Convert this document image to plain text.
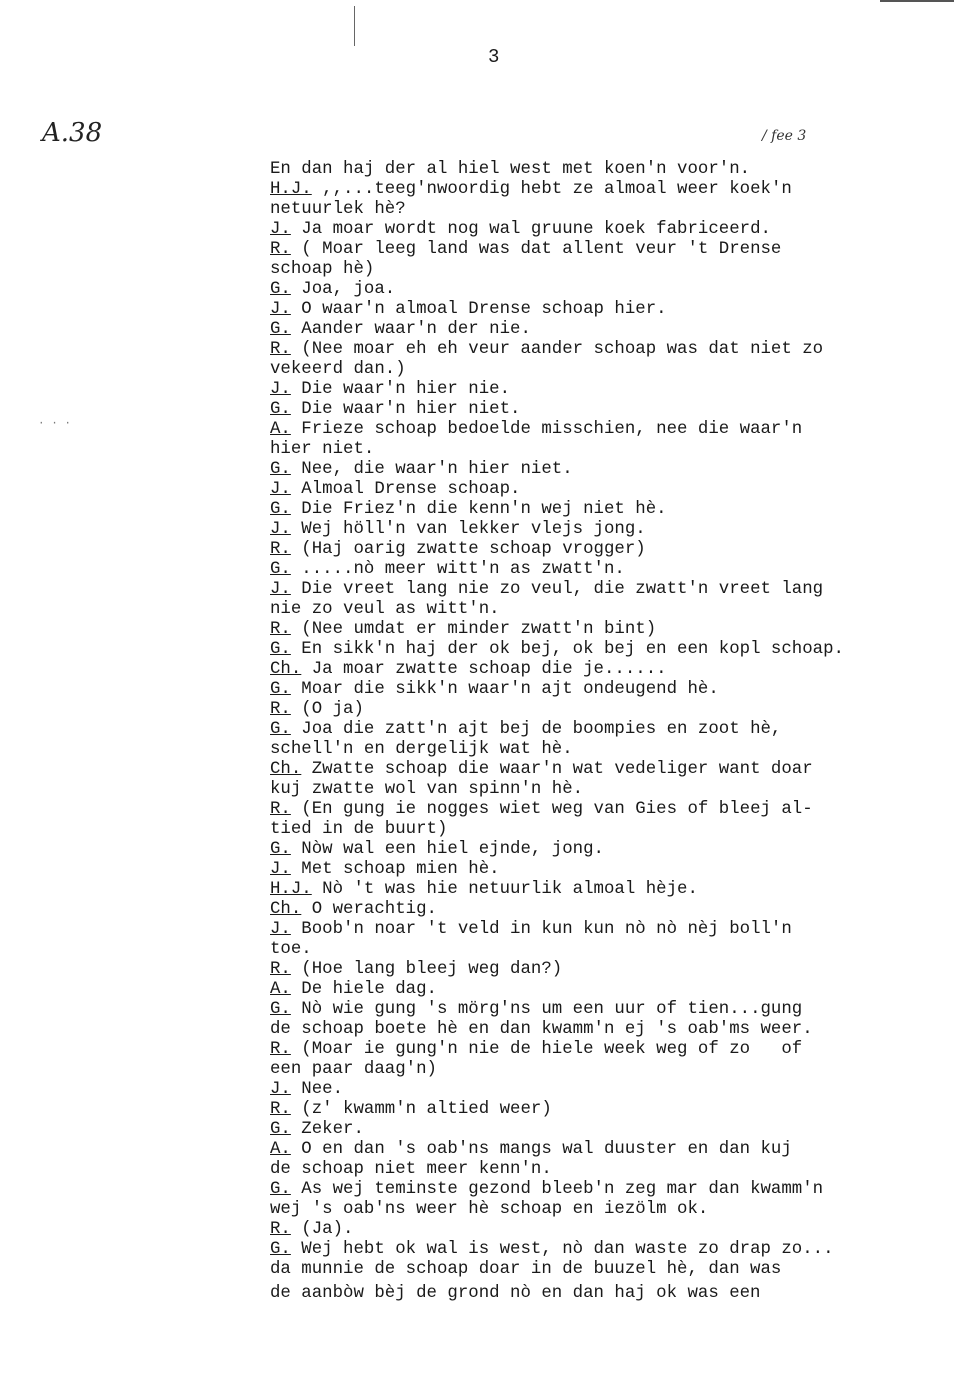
3
A.38	/ fee 3
· · ·
En dan haj der al hiel west met koen'n voor'n.
H.J. ,,...teeg'nwoordig hebt ze almoal weer koek'n
netuurlek hè?
J. Ja moar wordt nog wal gruune koek fabriceerd.
R. ( Moar leeg land was dat allent veur 't Drense
schoap hè)
G. Joa, joa.
J. O waar'n almoal Drense schoap hier.
G. Aander waar'n der nie.
R. (Nee moar eh eh veur aander schoap was dat niet zo
vekeerd dan.)
J. Die waar'n hier nie.
G. Die waar'n hier niet.
A. Frieze schoap bedoelde misschien, nee die waar'n
hier niet.
G. Nee, die waar'n hier niet.
J. Almoal Drense schoap.
G. Die Friez'n die kenn'n wej niet hè.
J. Wej höll'n van lekker vlejs jong.
R. (Haj oarig zwatte schoap vrogger)
G. .....nò meer witt'n as zwatt'n.
J. Die vreet lang nie zo veul, die zwatt'n vreet lang
nie zo veul as witt'n.
R. (Nee umdat er minder zwatt'n bint)
G. En sikk'n haj der ok bej, ok bej en een kopl schoap.
Ch. Ja moar zwatte schoap die je......
G. Moar die sikk'n waar'n ajt ondeugend hè.
R. (O ja)
G. Joa die zatt'n ajt bej de boompies en zoot hè,
schell'n en dergelijk wat hè.
Ch. Zwatte schoap die waar'n wat vedeliger want doar
kuj zwatte wol van spinn'n hè.
R. (En gung ie nogges wiet weg van Gies of bleej al-
tied in de buurt)
G. Nòw wal een hiel ejnde, jong.
J. Met schoap mien hè.
H.J. Nò 't was hie netuurlik almoal hèje.
Ch. O werachtig.
J. Boob'n noar 't veld in kun kun nò nò nèj boll'n
toe.
R. (Hoe lang bleej weg dan?)
A. De hiele dag.
G. Nò wie gung 's mörg'ns um een uur of tien...gung
de schoap boete hè en dan kwamm'n ej 's oab'ms weer.
R. (Moar ie gung'n nie de hiele week weg of zo   of
een paar daag'n)
J. Nee.
R. (z' kwamm'n altied weer)
G. Zeker.
A. O en dan 's oab'ns mangs wal duuster en dan kuj
de schoap niet meer kenn'n.
G. As wej teminste gezond bleeb'n zeg mar dan kwamm'n
wej 's oab'ns weer hè schoap en iezölm ok.
R. (Ja).
G. Wej hebt ok wal is west, nò dan waste zo drap zo...
da munnie de schoap doar in de buuzel hè, dan was
de aanbòw bèj de grond nò en dan haj ok was een
